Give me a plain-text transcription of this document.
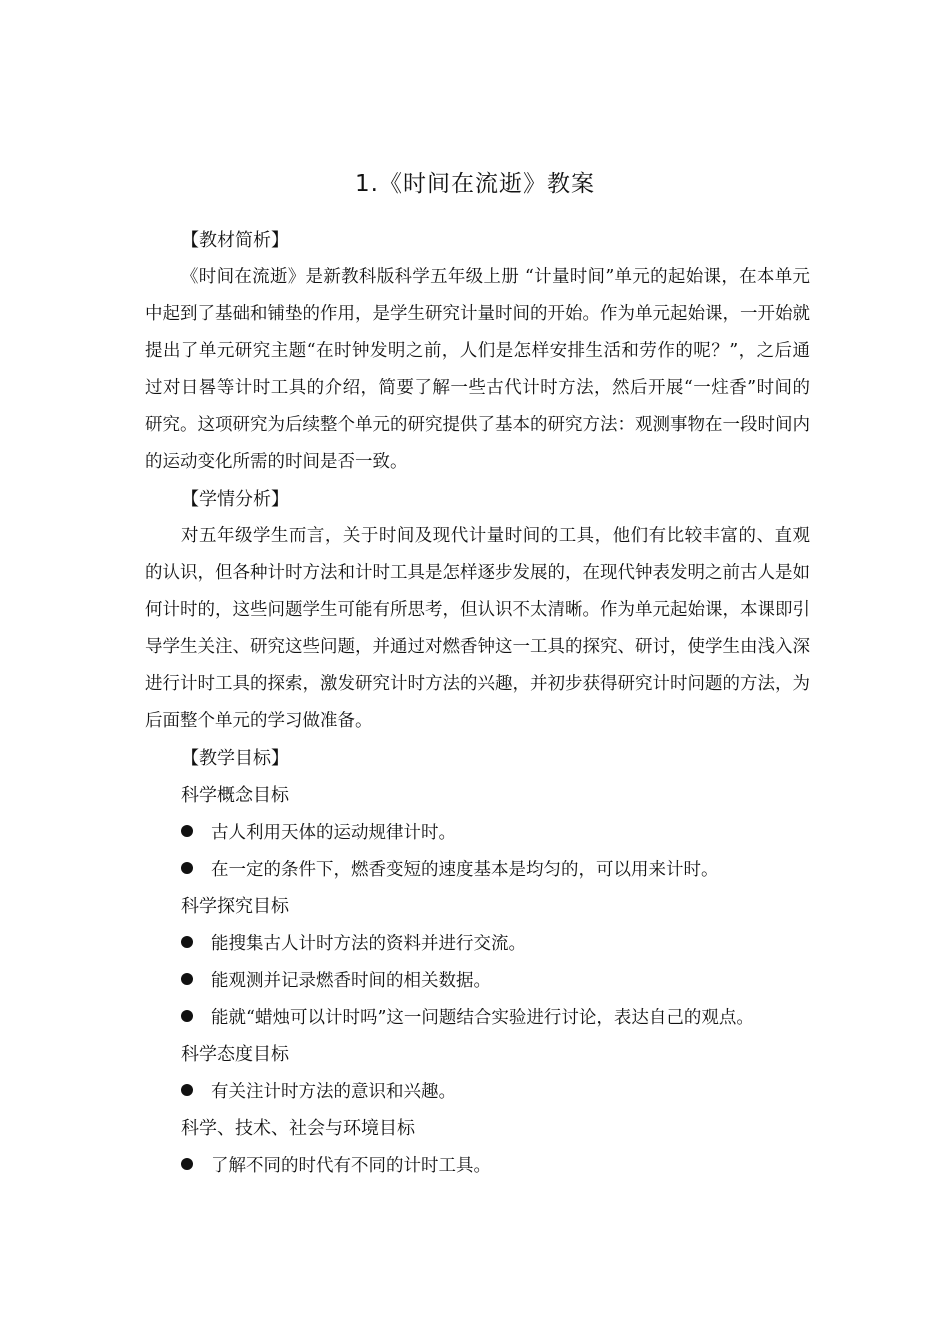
1.《时间在流逝》教案
【教材简析】

《时间在流逝》是新教科版科学五年级上册 “计量时间”单元的起始课，在本单元中起到了基础和铺垫的作用，是学生研究计量时间的开始。作为单元起始课，一开始就提出了单元研究主题“在时钟发明之前，人们是怎样安排生活和劳作的呢？”，之后通过对日晷等计时工具的介绍，简要了解一些古代计时方法，然后开展“一炷香”时间的研究。这项研究为后续整个单元的研究提供了基本的研究方法：观测事物在一段时间内的运动变化所需的时间是否一致。

【学情分析】

对五年级学生而言，关于时间及现代计量时间的工具，他们有比较丰富的、直观的认识，但各种计时方法和计时工具是怎样逐步发展的，在现代钟表发明之前古人是如何计时的，这些问题学生可能有所思考，但认识不太清晰。作为单元起始课，本课即引导学生关注、研究这些问题，并通过对燃香钟这一工具的探究、研讨，使学生由浅入深进行计时工具的探索，激发研究计时方法的兴趣，并初步获得研究计时问题的方法，为后面整个单元的学习做准备。

【教学目标】
科学概念目标
古人利用天体的运动规律计时。
在一定的条件下，燃香变短的速度基本是均匀的，可以用来计时。
科学探究目标
能搜集古人计时方法的资料并进行交流。
能观测并记录燃香时间的相关数据。
能就“蜡烛可以计时吗”这一问题结合实验进行讨论，表达自己的观点。
科学态度目标
有关注计时方法的意识和兴趣。
科学、技术、社会与环境目标
了解不同的时代有不同的计时工具。
